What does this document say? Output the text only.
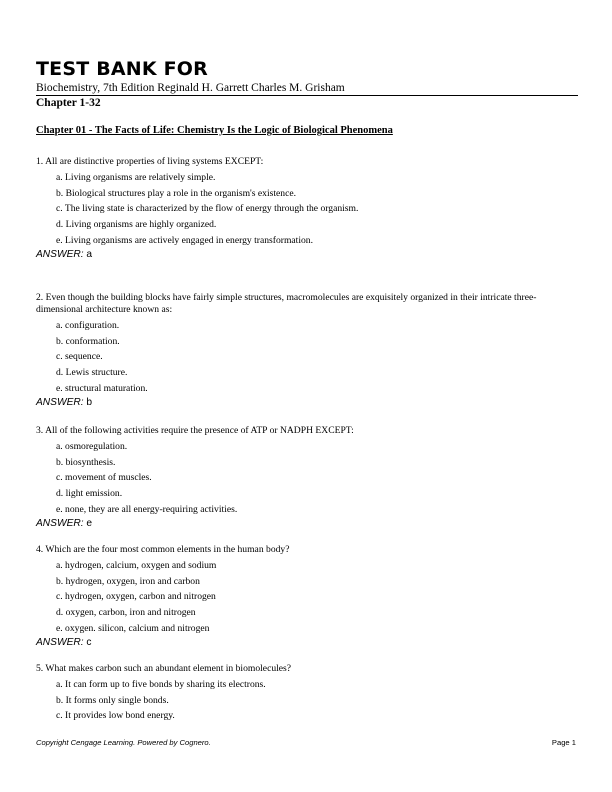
TEST BANK FOR
Biochemistry, 7th Edition Reginald H. Garrett Charles M. Grisham
Chapter 1-32
Chapter 01 - The Facts of Life: Chemistry Is the Logic of Biological Phenomena

1. All are distinctive properties of living systems EXCEPT:

a. Living organisms are relatively simple.
b. Biological structures play a role in the organism's existence.
c. The living state is characterized by the flow of energy through the organism.
d. Living organisms are highly organized.
e. Living organisms are actively engaged in energy transformation.
ANSWER: a

2. Even though the building blocks have fairly simple structures, macromolecules are exquisitely organized in their intricate three-dimensional architecture known as:

a. configuration.
b. conformation.
c. sequence.
d. Lewis structure.
e. structural maturation.
ANSWER: b

3. All of the following activities require the presence of ATP or NADPH EXCEPT:

a. osmoregulation.
b. biosynthesis.
c. movement of muscles.
d. light emission.
e. none, they are all energy-requiring activities.
ANSWER: e

4. Which are the four most common elements in the human body?

a. hydrogen, calcium, oxygen and sodium
b. hydrogen, oxygen, iron and carbon
c. hydrogen, oxygen, carbon and nitrogen
d. oxygen, carbon, iron and nitrogen
e. oxygen. silicon, calcium and nitrogen
ANSWER: c

5. What makes carbon such an abundant element in biomolecules?

a. It can form up to five bonds by sharing its electrons.
b. It forms only single bonds.
c. It provides low bond energy.
Copyright Cengage Learning. Powered by Cognero.	Page 1
